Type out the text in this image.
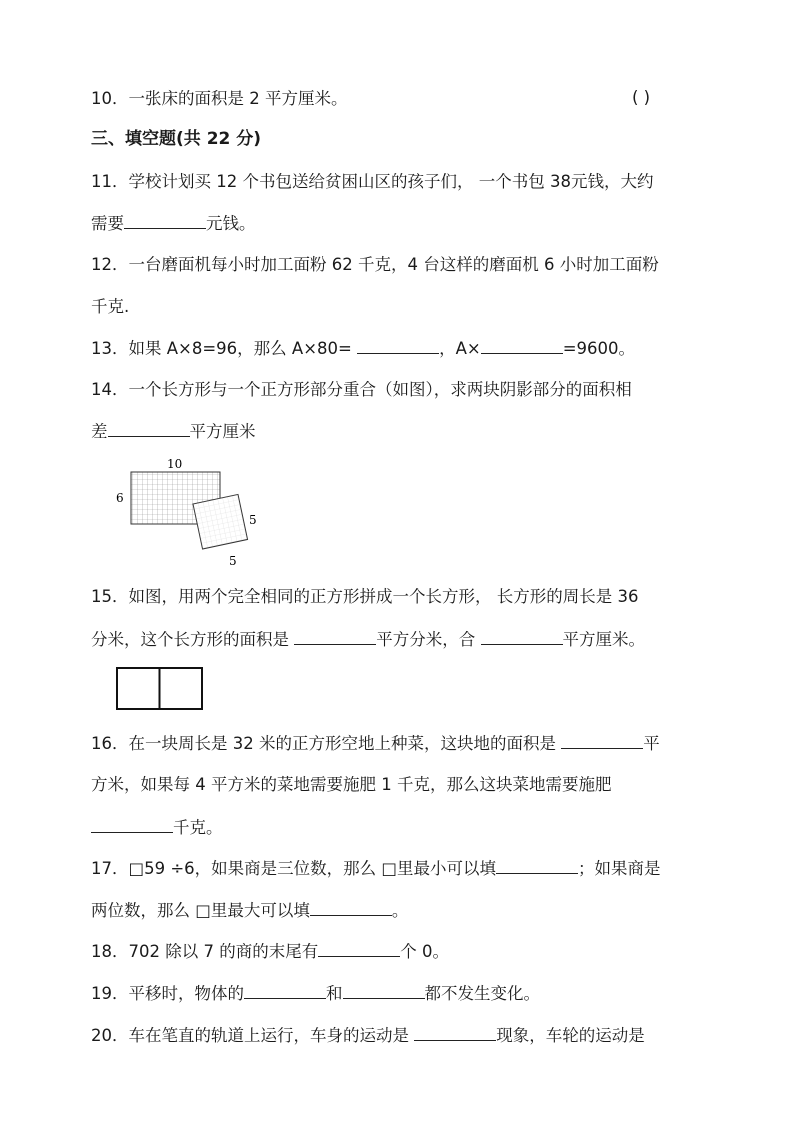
10．一张床的面积是 2 平方厘米。	( )
三、填空题(共 22 分)
11．学校计划买 12 个书包送给贫困山区的孩子们， 一个书包 38元钱，大约
需要	元钱。
12．一台磨面机每小时加工面粉 62 千克，4 台这样的磨面机 6 小时加工面粉
千克.
13．如果 A×8=96，那么 A×80=	，A×	=9600。
14．一个长方形与一个正方形部分重合（如图），求两块阴影部分的面积相
差	平方厘米
10
6
5
5
15．如图，用两个完全相同的正方形拼成一个长方形， 长方形的周长是 36
分米，这个长方形的面积是	平方分米，合	平方厘米。
16．在一块周长是 32 米的正方形空地上种菜，这块地的面积是	平
方米，如果每 4 平方米的菜地需要施肥 1 千克，那么这块菜地需要施肥
千克。
17．□59 ÷6，如果商是三位数，那么 □里最小可以填	；如果商是
两位数，那么 □里最大可以填	。
18．702 除以 7 的商的末尾有	个 0。
19．平移时，物体的	和	都不发生变化。
20．车在笔直的轨道上运行，车身的运动是	现象，车轮的运动是
